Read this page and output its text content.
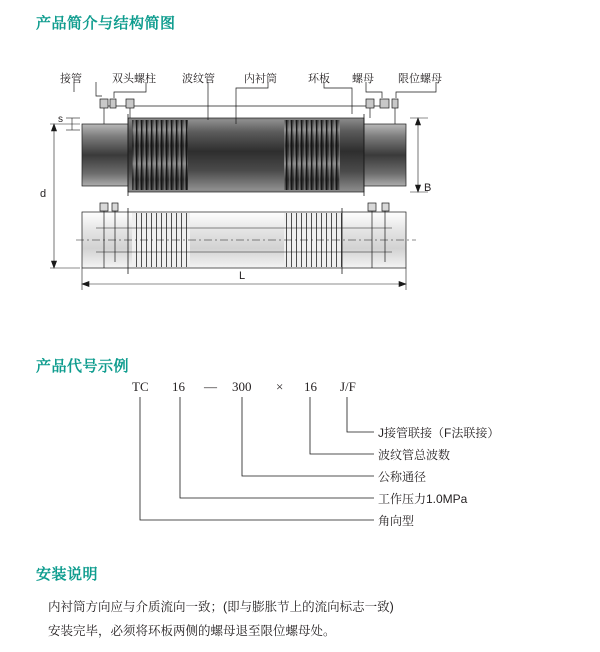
产品简介与结构简图
接管	双头螺柱 波纹管	内衬筒	环板 螺母 限位螺母
s
d	B
L
产品代号示例
TC 16 — 300 × 16 J/F
J接管联接（F法联接）
波纹管总波数
公称通径
工作压力1.0MPa
角向型
安装说明

内衬筒方向应与介质流向一致；(即与膨胀节上的流向标志一致)

安装完毕，必须将环板两侧的螺母退至限位螺母处。
